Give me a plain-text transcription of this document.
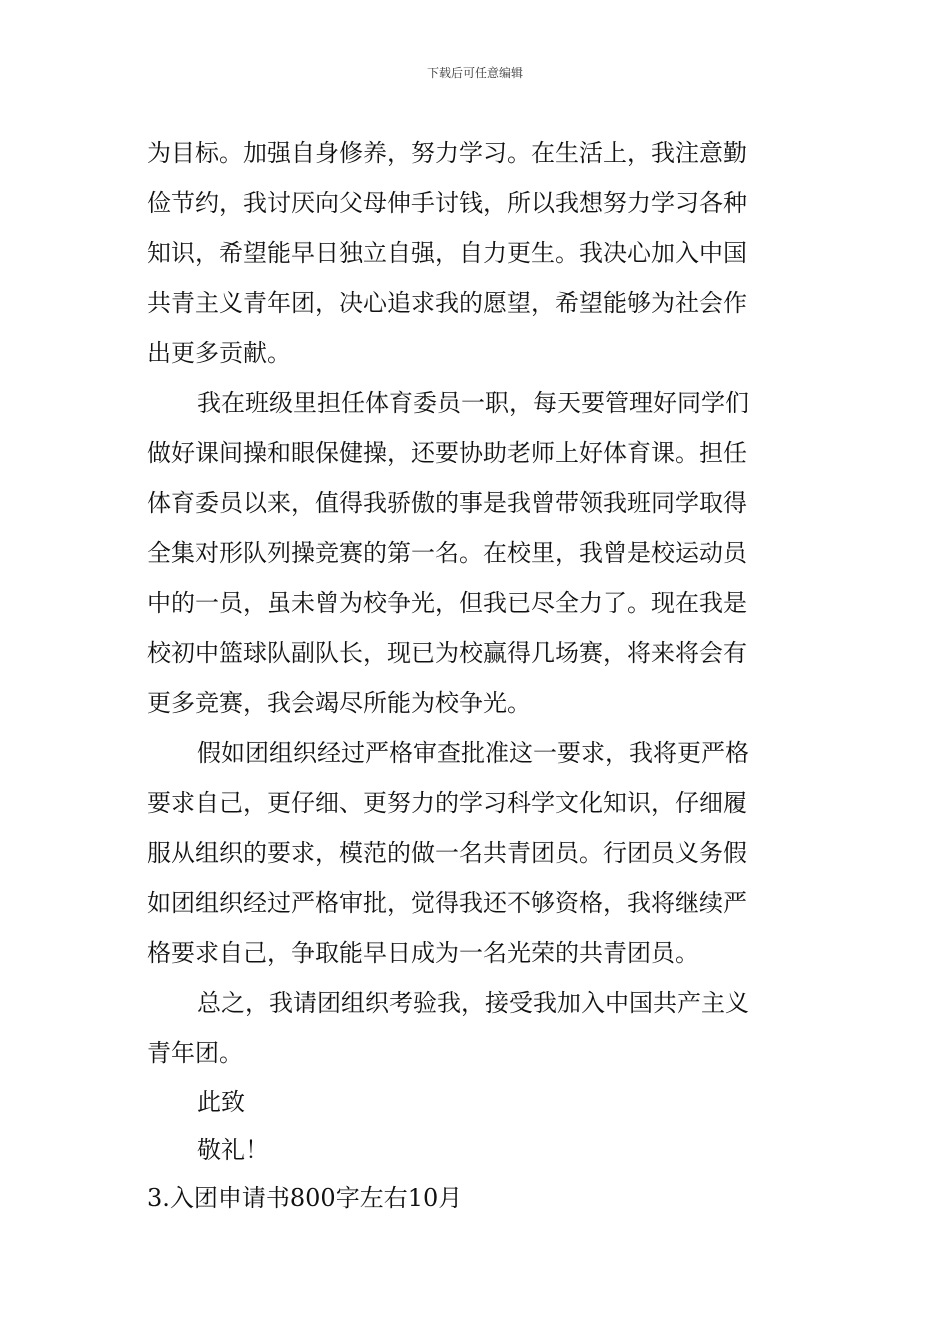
下载后可任意编辑
为目标。加强自身修养，努力学习。在生活上，我注意勤
俭节约，我讨厌向父母伸手讨钱，所以我想努力学习各种
知识，希望能早日独立自强，自力更生。我决心加入中国
共青主义青年团，决心追求我的愿望，希望能够为社会作
出更多贡献。
我在班级里担任体育委员一职，每天要管理好同学们
做好课间操和眼保健操，还要协助老师上好体育课。担任
体育委员以来，值得我骄傲的事是我曾带领我班同学取得
全集对形队列操竞赛的第一名。在校里，我曾是校运动员
中的一员，虽未曾为校争光，但我已尽全力了。现在我是
校初中篮球队副队长，现已为校赢得几场赛，将来将会有
更多竞赛，我会竭尽所能为校争光。
假如团组织经过严格审查批准这一要求，我将更严格
要求自己，更仔细、更努力的学习科学文化知识，仔细履
服从组织的要求，模范的做一名共青团员。行团员义务假
如团组织经过严格审批，觉得我还不够资格，我将继续严
格要求自己，争取能早日成为一名光荣的共青团员。
总之，我请团组织考验我，接受我加入中国共产主义
青年团。
此致
敬礼！
3.入团申请书800字左右10月
